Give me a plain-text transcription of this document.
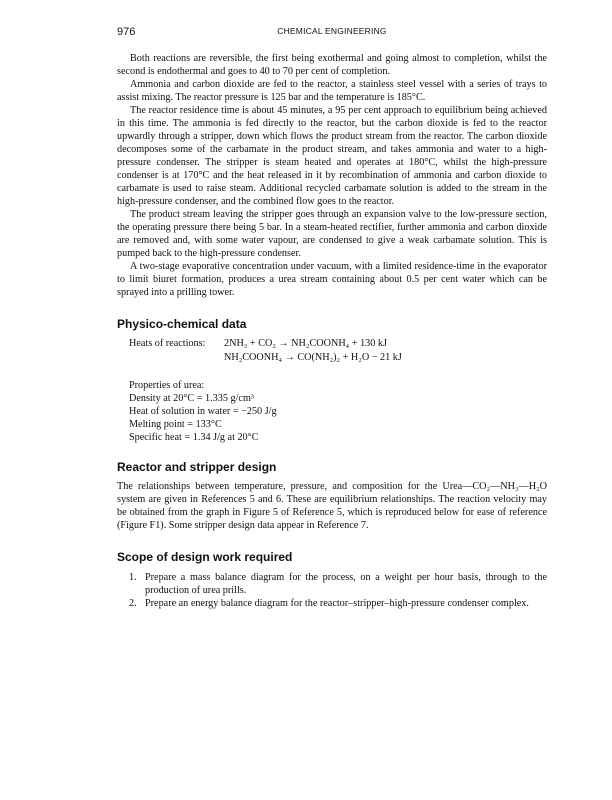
976	CHEMICAL ENGINEERING

Both reactions are reversible, the first being exothermal and going almost to completion, whilst the second is endothermal and goes to 40 to 70 per cent of completion.

Ammonia and carbon dioxide are fed to the reactor, a stainless steel vessel with a series of trays to assist mixing. The reactor pressure is 125 bar and the temperature is 185°C.

The reactor residence time is about 45 minutes, a 95 per cent approach to equilibrium being achieved in this time. The ammonia is fed directly to the reactor, but the carbon dioxide is fed to the reactor upwardly through a stripper, down which flows the product stream from the reactor. The carbon dioxide decomposes some of the carbamate in the product stream, and takes ammonia and water to a high-pressure condenser. The stripper is steam heated and operates at 180°C, whilst the high-pressure condenser is at 170°C and the heat released in it by recombination of ammonia and carbon dioxide to carbamate is used to raise steam. Additional recycled carbamate solution is added to the stream in the high-pressure condenser, and the combined flow goes to the reactor.

The product stream leaving the stripper goes through an expansion valve to the low-pressure section, the operating pressure there being 5 bar. In a steam-heated rectifier, further ammonia and carbon dioxide are removed and, with some water vapour, are condensed to give a weak carbamate solution. This is pumped back to the high-pressure condenser.

A two-stage evaporative concentration under vacuum, with a limited residence-time in the evaporator to limit biuret formation, produces a urea stream containing about 0.5 per cent water which can be sprayed into a prilling tower.

Physico-chemical data
Heats of reactions: 2NH₃ + CO₂ → NH₂COONH₄ + 130 kJ
NH₂COONH₄ → CO(NH₂)₂ + H₂O − 21 kJ
Properties of urea:
Density at 20°C = 1.335 g/cm³
Heat of solution in water = −250 J/g
Melting point = 133°C
Specific heat = 1.34 J/g at 20°C
Reactor and stripper design

The relationships between temperature, pressure, and composition for the Urea—CO₂—NH₃—H₂O system are given in References 5 and 6. These are equilibrium relationships. The reaction velocity may be obtained from the graph in Figure 5 of Reference 5, which is reproduced below for ease of reference (Figure F1). Some stripper design data appear in Reference 7.

Scope of design work required
1. Prepare a mass balance diagram for the process, on a weight per hour basis, through to the production of urea prills.
2. Prepare an energy balance diagram for the reactor–stripper–high-pressure condenser complex.
